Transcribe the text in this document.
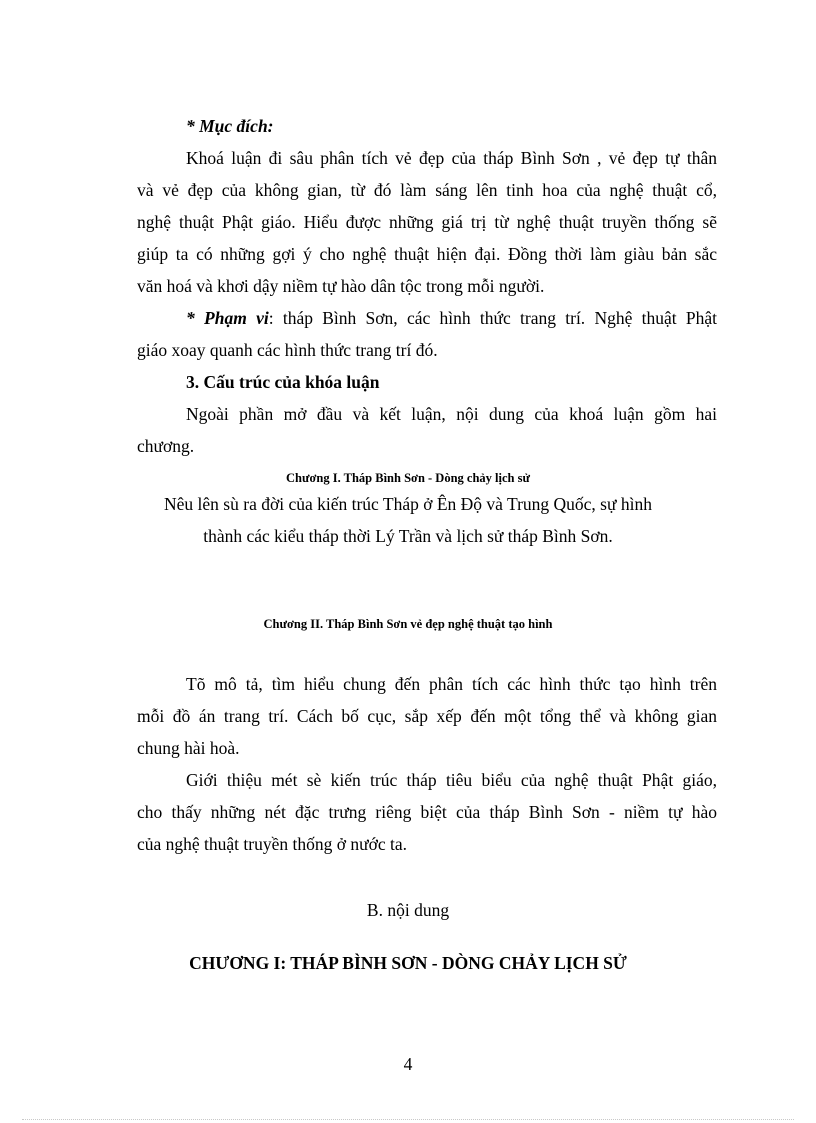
* Mục đích:
Khoá luận đi sâu phân tích vẻ đẹp của tháp Bình Sơn , vẻ đẹp tự thân
và vẻ đẹp của không gian, từ đó làm sáng lên tinh hoa của nghệ thuật cổ,
nghệ thuật Phật giáo. Hiểu được những giá trị từ nghệ thuật truyền thống sẽ
giúp ta có những gợi ý cho nghệ thuật hiện đại. Đồng thời làm giàu bản sắc
văn hoá và khơi dậy niềm tự hào dân tộc trong mỗi người.
* Phạm vi: tháp Bình Sơn, các hình thức trang trí. Nghệ thuật Phật
giáo xoay quanh các hình thức trang trí đó.
3. Cấu trúc của khóa luận
Ngoài phần mở đầu và kết luận, nội dung của khoá luận gồm hai
chương.
Chương I. Tháp Bình Sơn - Dòng chảy lịch sử
Nêu lên sù ra đời của kiến trúc Tháp ở Ên Độ và Trung Quốc, sự hình
thành các kiểu tháp thời Lý Trần và lịch sử tháp Bình Sơn.
Chương II. Tháp Bình Sơn vẻ đẹp nghệ thuật tạo hình
Tõ mô tả, tìm hiểu chung đến phân tích các hình thức tạo hình trên
mỗi đồ án trang trí. Cách bố cục, sắp xếp đến một tổng thể và không gian
chung hài hoà.
Giới thiệu mét sè kiến trúc tháp tiêu biểu của nghệ thuật Phật giáo,
cho thấy những nét đặc trưng riêng biệt của tháp Bình Sơn - niềm tự hào
của nghệ thuật truyền thống ở nước ta.
B. nội dung
CHƯƠNG I: THÁP BÌNH SƠN - DÒNG CHẢY LỊCH SỬ
4
